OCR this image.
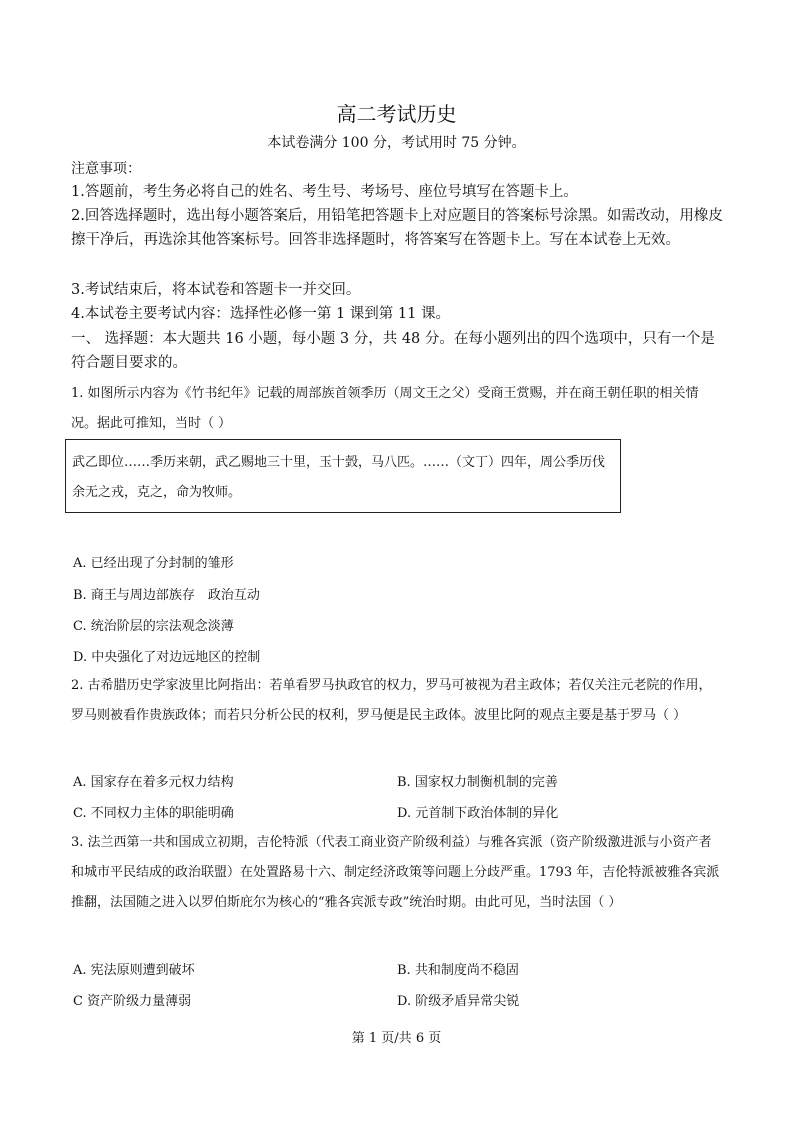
高二考试历史
本试卷满分 100 分，考试用时 75 分钟。
注意事项：
1.答题前，考生务必将自己的姓名、考生号、考场号、座位号填写在答题卡上。
2.回答选择题时，选出每小题答案后，用铅笔把答题卡上对应题目的答案标号涂黑。如需改动，用橡皮擦干净后，再选涂其他答案标号。回答非选择题时，将答案写在答题卡上。写在本试卷上无效。
3.考试结束后，将本试卷和答题卡一并交回。
4.本试卷主要考试内容：选择性必修一第 1 课到第 11 课。
一、 选择题：本大题共 16 小题，每小题 3 分，共 48 分。在每小题列出的四个选项中，只有一个是符合题目要求的。
1. 如图所示内容为《竹书纪年》记载的周部族首领季历（周文王之父）受商王赏赐，并在商王朝任职的相关情况。据此可推知，当时（ ）
武乙即位……季历来朝，武乙赐地三十里，玉十瑴，马八匹。……（文丁）四年，周公季历伐余无之戎，克之，命为牧师。
A. 已经出现了分封制的雏形
B. 商王与周边部族存　政治互动
C. 统治阶层的宗法观念淡薄
D. 中央强化了对边远地区的控制
2. 古希腊历史学家波里比阿指出：若单看罗马执政官的权力，罗马可被视为君主政体；若仅关注元老院的作用，罗马则被看作贵族政体；而若只分析公民的权利，罗马便是民主政体。波里比阿的观点主要是基于罗马（ ）
A. 国家存在着多元权力结构	B. 国家权力制衡机制的完善
C. 不同权力主体的职能明确	D. 元首制下政治体制的异化
3. 法兰西第一共和国成立初期，吉伦特派（代表工商业资产阶级利益）与雅各宾派（资产阶级激进派与小资产者和城市平民结成的政治联盟）在处置路易十六、制定经济政策等问题上分歧严重。1793 年，吉伦特派被雅各宾派推翻，法国随之进入以罗伯斯庇尔为核心的“雅各宾派专政”统治时期。由此可见，当时法国（ ）
A. 宪法原则遭到破坏	B. 共和制度尚不稳固
C 资产阶级力量薄弱	D. 阶级矛盾异常尖锐
第 1 页/共 6 页
